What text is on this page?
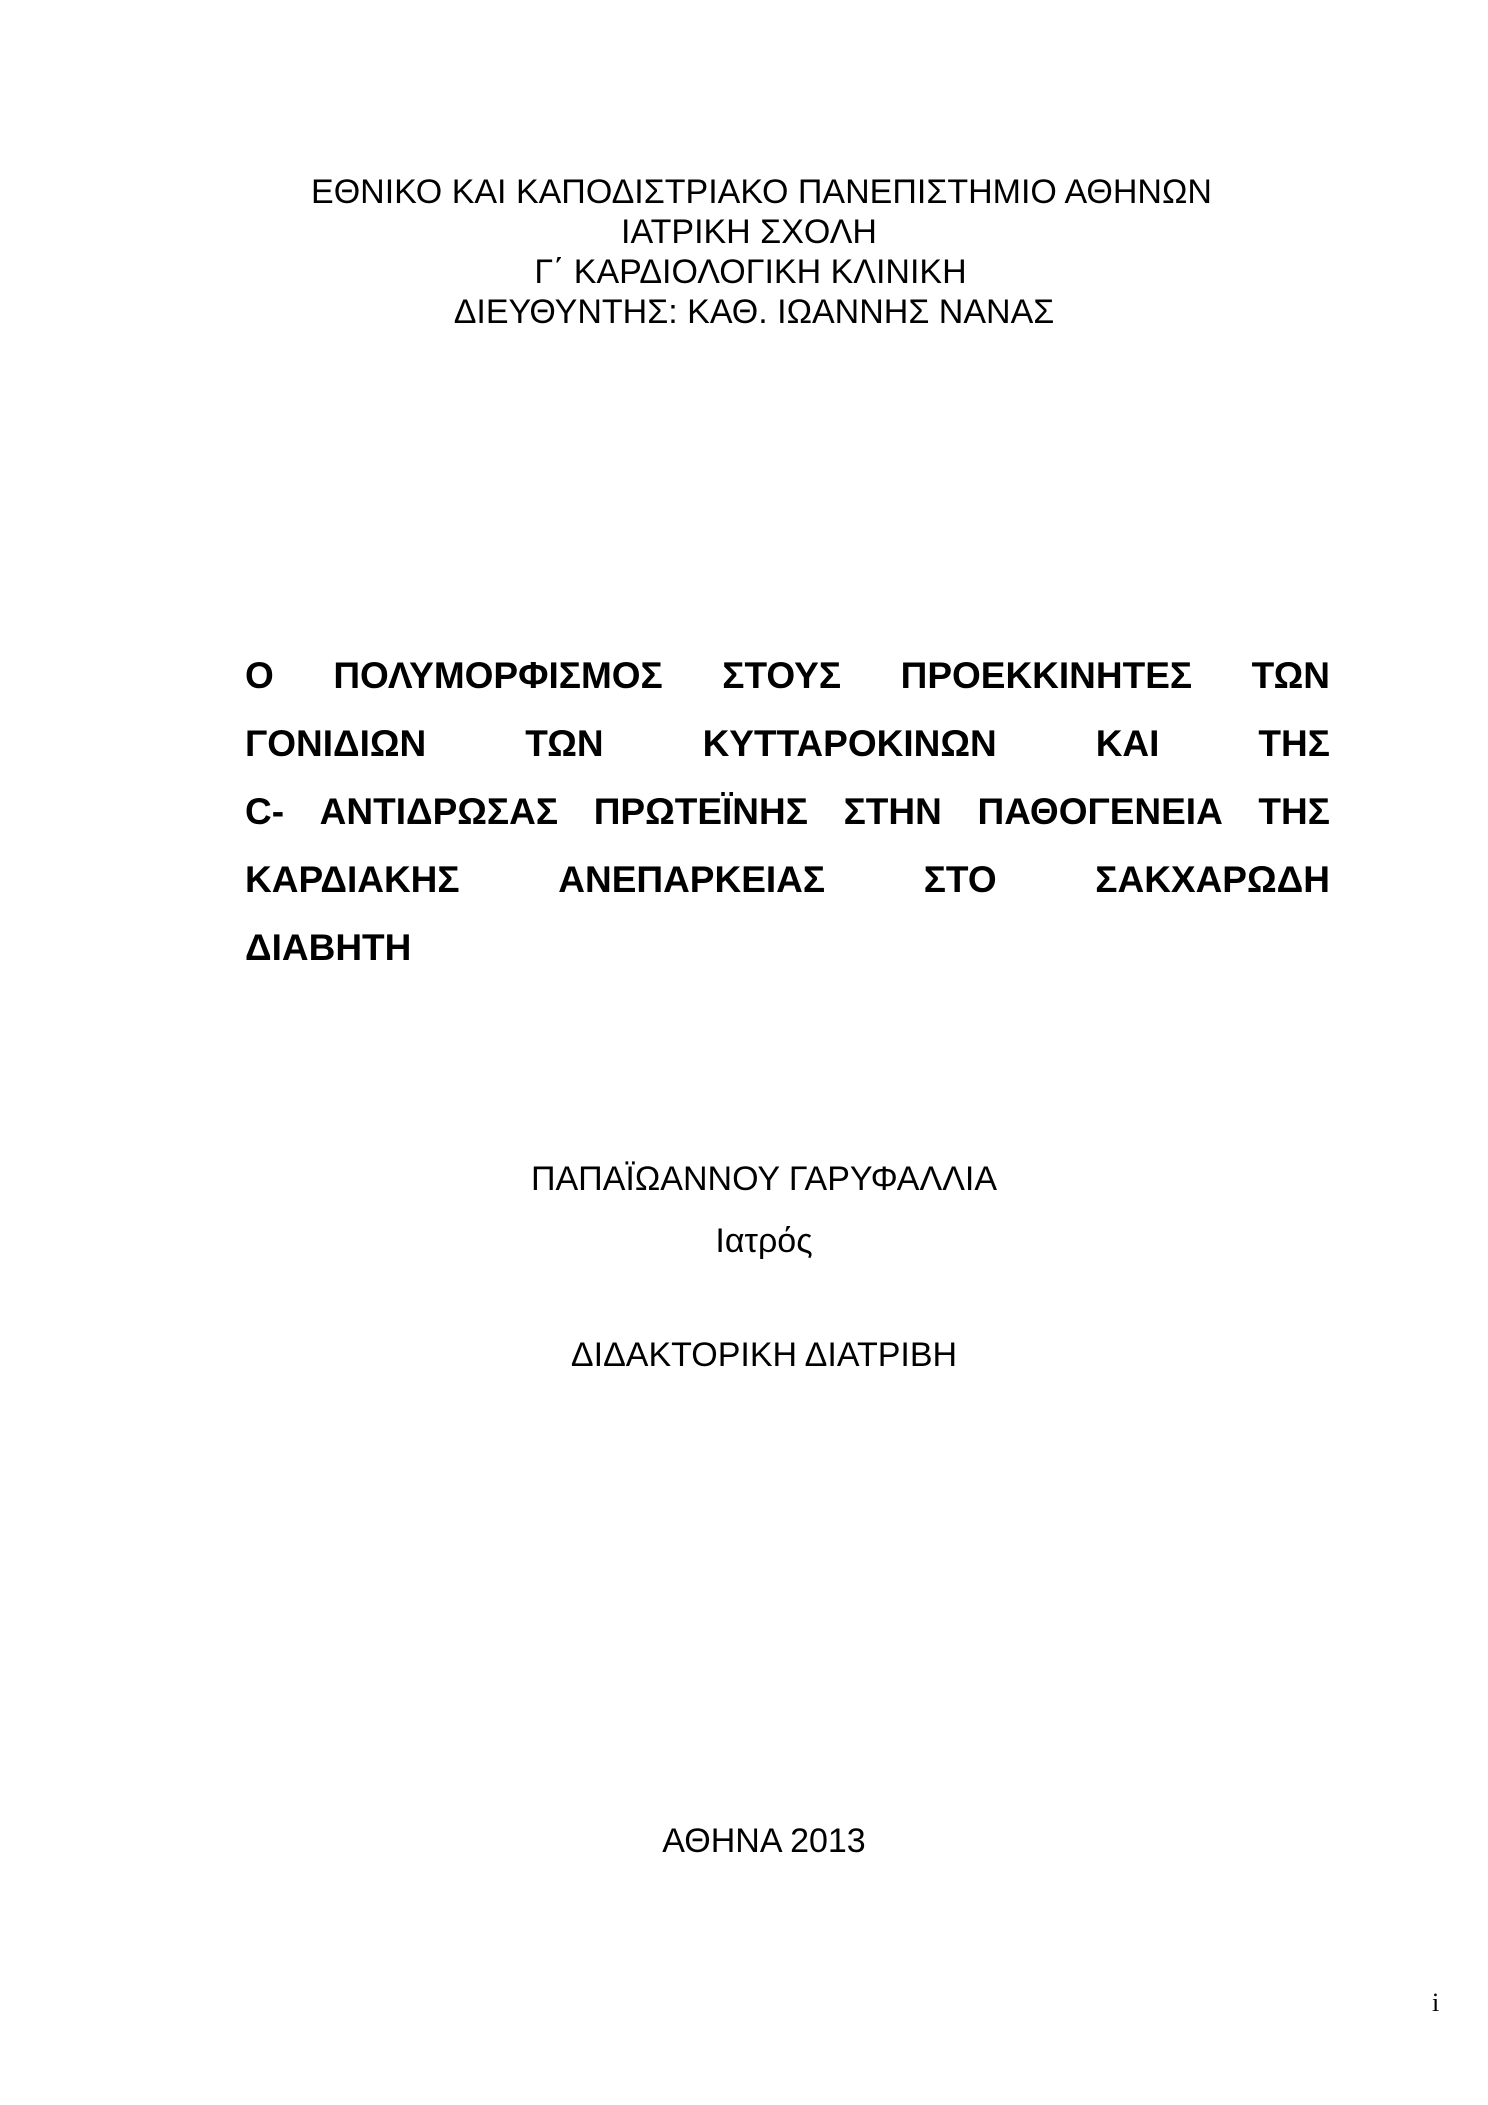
ΕΘΝΙΚΟ ΚΑΙ ΚΑΠΟΔΙΣΤΡΙΑΚΟ ΠΑΝΕΠΙΣΤΗΜΙΟ ΑΘΗΝΩΝ
ΙΑΤΡΙΚΗ ΣΧΟΛΗ
Γ΄ ΚΑΡΔΙΟΛΟΓΙΚΗ ΚΛΙΝΙΚΗ
ΔΙΕΥΘΥΝΤΗΣ: ΚΑΘ. ΙΩΑΝΝΗΣ ΝΑΝΑΣ
Ο ΠΟΛΥΜΟΡΦΙΣΜΟΣ ΣΤΟΥΣ ΠΡΟΕΚΚΙΝΗΤΕΣ ΤΩΝ
ΓΟΝΙΔΙΩΝ	ΤΩΝ	ΚΥΤΤΑΡΟΚΙΝΩΝ	ΚΑΙ	ΤΗΣ
C- ΑΝΤΙΔΡΩΣΑΣ ΠΡΩΤΕΪΝΗΣ ΣΤΗΝ ΠΑΘΟΓΕΝΕΙΑ ΤΗΣ
ΚΑΡΔΙΑΚΗΣ	ΑΝΕΠΑΡΚΕΙΑΣ	ΣΤΟ	ΣΑΚΧΑΡΩΔΗ
ΔΙΑΒΗΤΗ
ΠΑΠΑΪΩΑΝΝΟΥ ΓΑΡΥΦΑΛΛΙΑ
Ιατρός
ΔΙΔΑΚΤΟΡΙΚΗ ΔΙΑΤΡΙΒΗ
ΑΘΗΝΑ 2013
i
